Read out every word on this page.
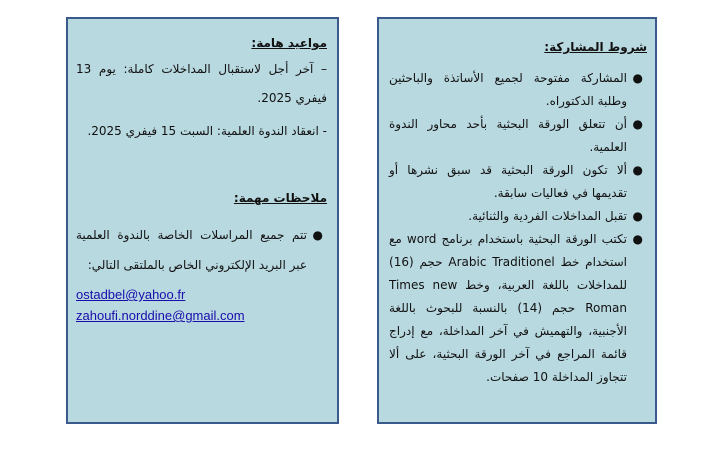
مواعيد هامة:

– آخر أجل لاستقبال المداخلات كاملة: يوم 13 فيفري 2025.

- انعقاد الندوة العلمية: السبت 15 فيفري 2025.

ملاحظات مهمة:

●
تتم جميع المراسلات الخاصة بالندوة العلمية عبر البريد الإلكتروني الخاص بالملتقى التالي:
ostadbel@yahoo.fr
zahoufi.norddine@gmail.com

شروط المشاركة:

●
المشاركة مفتوحة لجميع الأساتذة والباحثين وطلبة الدكتوراه.
●
أن تتعلق الورقة البحثية بأحد محاور الندوة العلمية.
●
ألا تكون الورقة البحثية قد سبق نشرها أو تقديمها في فعاليات سابقة.
●
تقبل المداخلات الفردية والثنائية.
●
تكتب الورقة البحثية باستخدام برنامج word مع استخدام خط Arabic Traditionel حجم (16) للمداخلات باللغة العربية، وخط Times new Roman حجم (14) بالنسبة للبحوث باللغة الأجنبية، والتهميش في آخر المداخلة، مع إدراج قائمة المراجع في آخر الورقة البحثية، على ألا تتجاوز المداخلة 10 صفحات.
